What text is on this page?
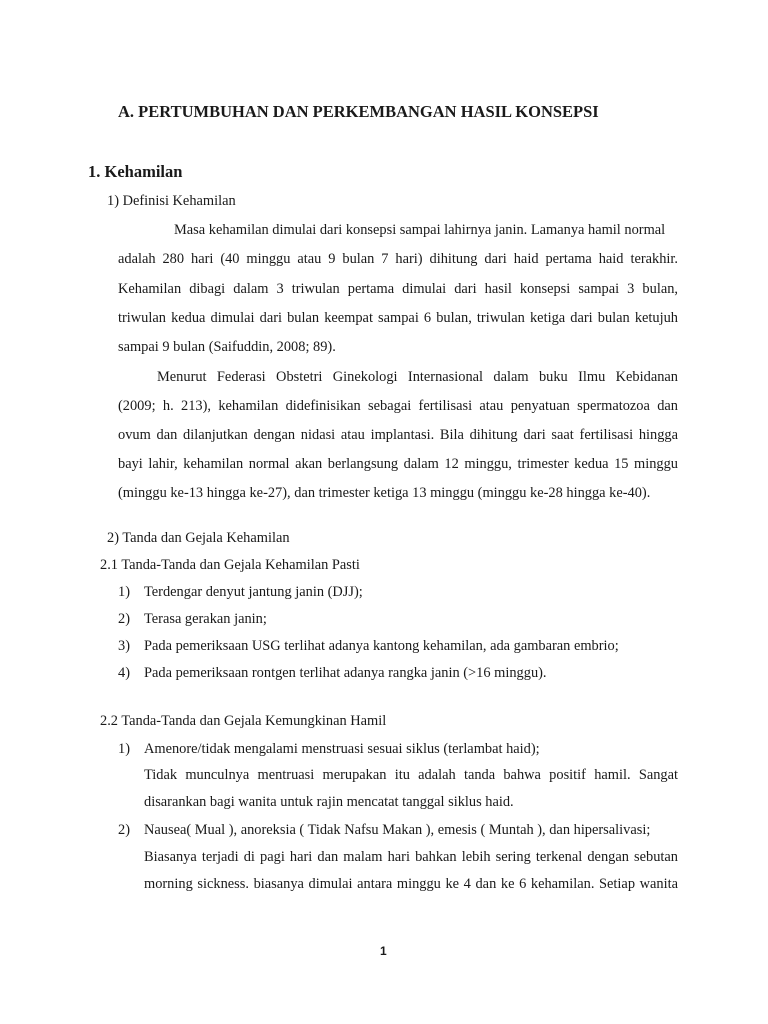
A. PERTUMBUHAN DAN PERKEMBANGAN HASIL KONSEPSI
1. Kehamilan
1) Definisi Kehamilan
Masa kehamilan dimulai dari konsepsi sampai lahirnya janin. Lamanya hamil normal
adalah 280 hari (40 minggu atau 9 bulan 7 hari) dihitung dari haid pertama haid terakhir.
Kehamilan dibagi dalam 3 triwulan pertama dimulai dari hasil konsepsi sampai 3 bulan,
triwulan kedua dimulai dari bulan keempat sampai 6 bulan, triwulan ketiga dari bulan ketujuh
sampai 9 bulan (Saifuddin, 2008; 89).
Menurut Federasi Obstetri Ginekologi Internasional dalam buku Ilmu Kebidanan
(2009; h. 213), kehamilan didefinisikan sebagai fertilisasi atau penyatuan spermatozoa dan
ovum dan dilanjutkan dengan nidasi atau implantasi. Bila dihitung dari saat fertilisasi hingga
bayi lahir, kehamilan normal akan berlangsung dalam 12 minggu, trimester kedua 15 minggu
(minggu ke-13 hingga ke-27), dan trimester ketiga 13 minggu (minggu ke-28 hingga ke-40).
2) Tanda dan Gejala Kehamilan
2.1 Tanda-Tanda dan Gejala Kehamilan Pasti
1) Terdengar denyut jantung janin (DJJ);
2) Terasa gerakan janin;
3) Pada pemeriksaan USG terlihat adanya kantong kehamilan, ada gambaran embrio;
4) Pada pemeriksaan rontgen terlihat adanya rangka janin (>16 minggu).
2.2 Tanda-Tanda dan Gejala Kemungkinan Hamil
1) Amenore/tidak mengalami menstruasi sesuai siklus (terlambat haid);
Tidak munculnya mentruasi merupakan itu adalah tanda bahwa positif hamil. Sangat
disarankan bagi wanita untuk rajin mencatat tanggal siklus haid.
2) Nausea( Mual ), anoreksia ( Tidak Nafsu Makan ), emesis ( Muntah ), dan hipersalivasi;
Biasanya terjadi di pagi hari dan malam hari bahkan lebih sering terkenal dengan sebutan
morning sickness. biasanya dimulai antara minggu ke 4 dan ke 6 kehamilan. Setiap wanita
1
